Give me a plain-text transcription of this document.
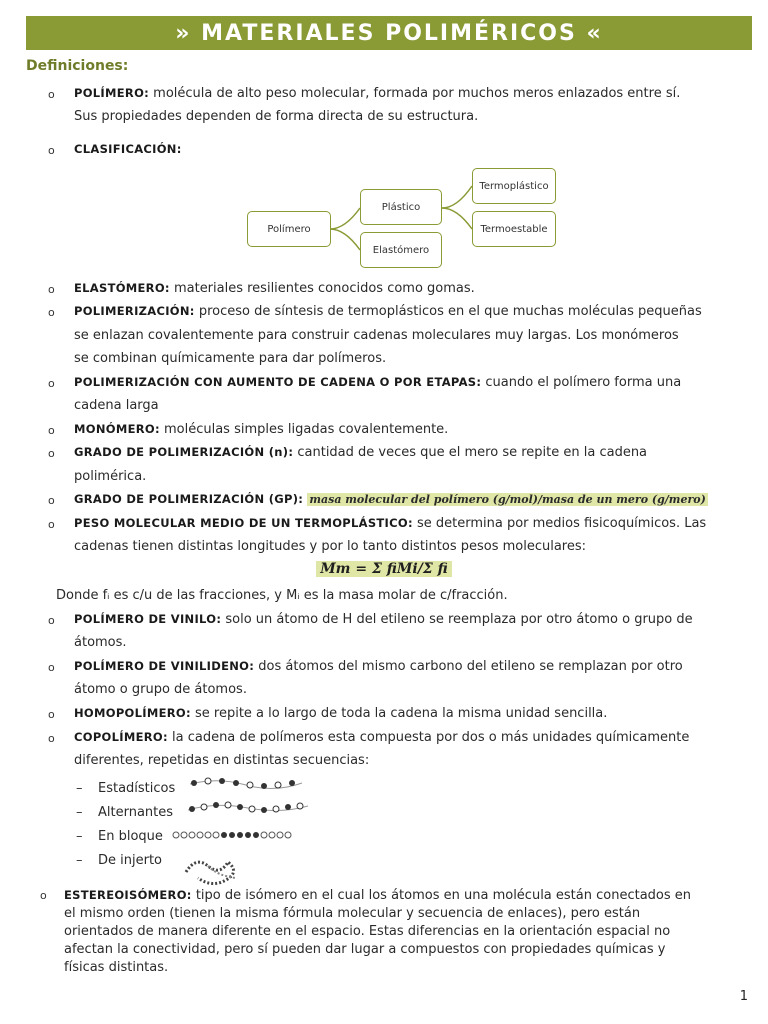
» MATERIALES POLIMÉRICOS «
Definiciones:
o POLÍMERO: molécula de alto peso molecular, formada por muchos meros enlazados entre sí.
Sus propiedades dependen de forma directa de su estructura.
o CLASIFICACIÓN:
Polímero
Plástico
Elastómero
Termoplástico
Termoestable
o ELASTÓMERO: materiales resilientes conocidos como gomas.
o POLIMERIZACIÓN: proceso de síntesis de termoplásticos en el que muchas moléculas pequeñas
se enlazan covalentemente para construir cadenas moleculares muy largas. Los monómeros
se combinan químicamente para dar polímeros.
o POLIMERIZACIÓN CON AUMENTO DE CADENA O POR ETAPAS: cuando el polímero forma una
cadena larga
o MONÓMERO: moléculas simples ligadas covalentemente.
o GRADO DE POLIMERIZACIÓN (n): cantidad de veces que el mero se repite en la cadena
polimérica.
o GRADO DE POLIMERIZACIÓN (GP): masa molecular del polímero (g/mol)/masa de un mero (g/mero)
o PESO MOLECULAR MEDIO DE UN TERMOPLÁSTICO: se determina por medios fisicoquímicos. Las
cadenas tienen distintas longitudes y por lo tanto distintos pesos moleculares:
Mm = Σ fiMi/Σ fi
Donde fᵢ es c/u de las fracciones, y Mᵢ es la masa molar de c/fracción.
o POLÍMERO DE VINILO: solo un átomo de H del etileno se reemplaza por otro átomo o grupo de
átomos.
o POLÍMERO DE VINILIDENO: dos átomos del mismo carbono del etileno se remplazan por otro
átomo o grupo de átomos.
o HOMOPOLÍMERO: se repite a lo largo de toda la cadena la misma unidad sencilla.
o COPOLÍMERO: la cadena de polímeros esta compuesta por dos o más unidades químicamente
diferentes, repetidas en distintas secuencias:
– Estadísticos
– Alternantes
– En bloque
– De injerto
o ESTEREOISÓMERO: tipo de isómero en el cual los átomos en una molécula están conectados en
el mismo orden (tienen la misma fórmula molecular y secuencia de enlaces), pero están
orientados de manera diferente en el espacio. Estas diferencias en la orientación espacial no
afectan la conectividad, pero sí pueden dar lugar a compuestos con propiedades químicas y
físicas distintas.
1
